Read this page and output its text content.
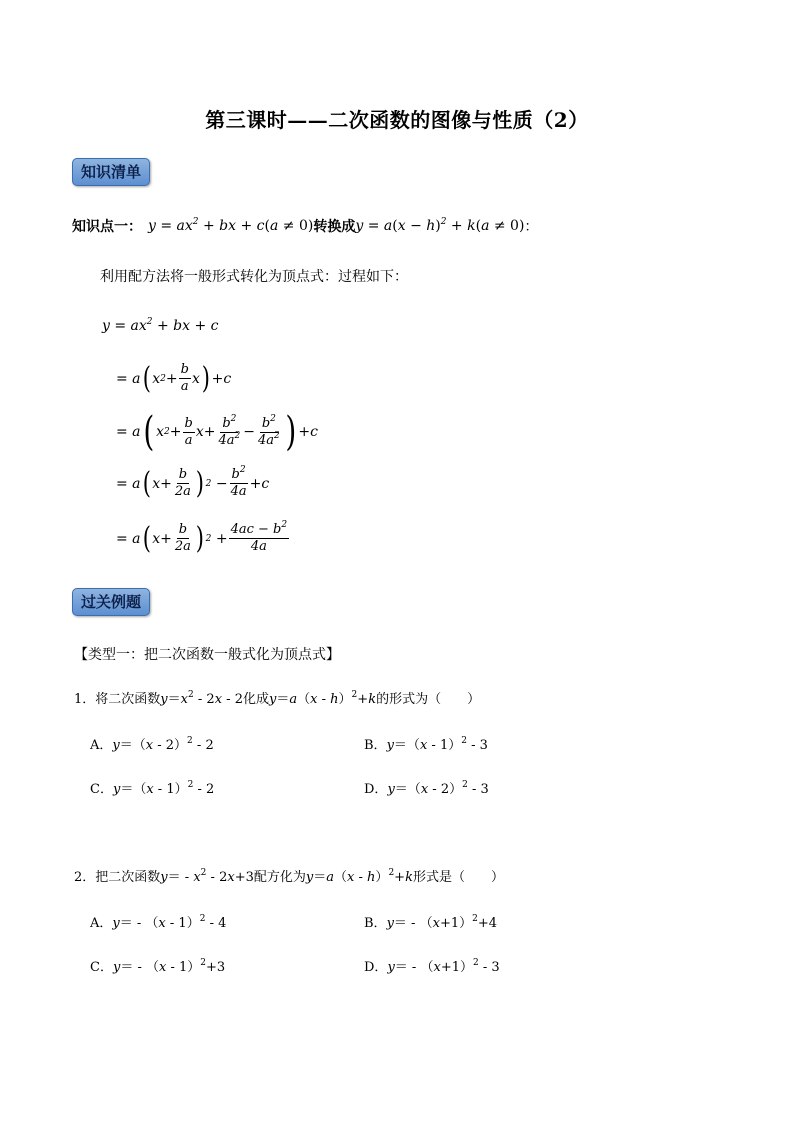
第三课时——二次函数的图像与性质（2）
知识清单
知识点一： $y = ax^2$ + bx + c(a ≠ 0) 转换成 $y = a(x - h)^2 + k(a \ne 0)$ ：
利用配方法将一般形式转化为顶点式：过程如下：
$y = ax^2$ + bx + c
= a ( x $2 + \frac{b}{a}$ x ) + c
= a ( x $2 + \frac{b}{a}$ $x + \frac{b^2}{4a^2} - \frac{b^2}{4a^2}$ ) + c
= a ( $x + \frac{b}{2a}$ ) $2 - \frac{b^2}{4a} + c$
= a ( $x + \frac{b}{2a}$ ) $2 + \frac{4ac - b^2}{4a}$
过关例题
【类型一：把二次函数一般式化为顶点式】
1．将二次函数$y=x^2 - 2x - 2$化成y＝a（x - h）$^2$+k的形式为（　　）
A．y＝（x - 2）$^2$ - 2	B．y＝（x - 1）$^2$ - 3
C．y＝（x - 1）$^2$ - 2	D．y＝（x - 2）$^2$ - 3
2．把二次函数$y= - x^2 - 2x+3$配方化为y＝a（x - h）$^2$+k形式是（　　）
A．y＝ - （x - 1）$^2$ - 4	B．$y= - (x+1)^2+4$
C．y＝ - （x - 1）$^2$+3	D．$y= - (x+1)^2 - 3$
